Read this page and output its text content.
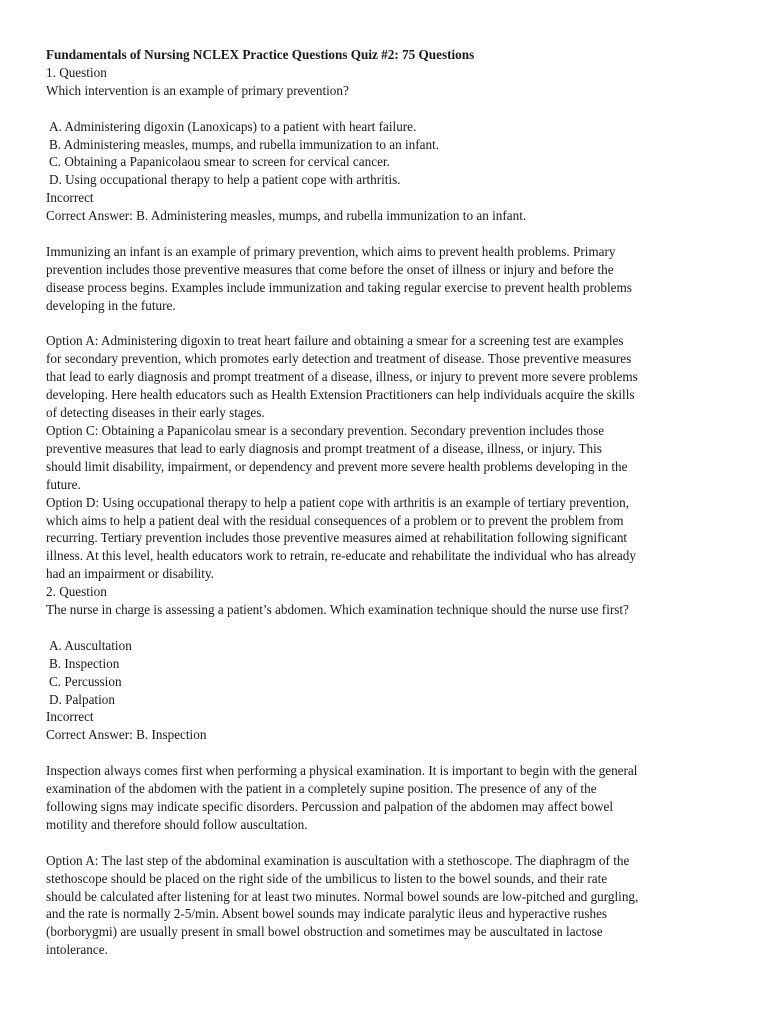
Fundamentals of Nursing NCLEX Practice Questions Quiz #2: 75 Questions
1. Question
Which intervention is an example of primary prevention?
A. Administering digoxin (Lanoxicaps) to a patient with heart failure.
B. Administering measles, mumps, and rubella immunization to an infant.
C. Obtaining a Papanicolaou smear to screen for cervical cancer.
D. Using occupational therapy to help a patient cope with arthritis.
Incorrect
Correct Answer: B. Administering measles, mumps, and rubella immunization to an infant.
Immunizing an infant is an example of primary prevention, which aims to prevent health problems. Primary
prevention includes those preventive measures that come before the onset of illness or injury and before the
disease process begins. Examples include immunization and taking regular exercise to prevent health problems
developing in the future.
Option A: Administering digoxin to treat heart failure and obtaining a smear for a screening test are examples
for secondary prevention, which promotes early detection and treatment of disease. Those preventive measures
that lead to early diagnosis and prompt treatment of a disease, illness, or injury to prevent more severe problems
developing. Here health educators such as Health Extension Practitioners can help individuals acquire the skills
of detecting diseases in their early stages.
Option C: Obtaining a Papanicolau smear is a secondary prevention. Secondary prevention includes those
preventive measures that lead to early diagnosis and prompt treatment of a disease, illness, or injury. This
should limit disability, impairment, or dependency and prevent more severe health problems developing in the
future.
Option D: Using occupational therapy to help a patient cope with arthritis is an example of tertiary prevention,
which aims to help a patient deal with the residual consequences of a problem or to prevent the problem from
recurring. Tertiary prevention includes those preventive measures aimed at rehabilitation following significant
illness. At this level, health educators work to retrain, re-educate and rehabilitate the individual who has already
had an impairment or disability.
2. Question
The nurse in charge is assessing a patient’s abdomen. Which examination technique should the nurse use first?
A. Auscultation
B. Inspection
C. Percussion
D. Palpation
Incorrect
Correct Answer: B. Inspection
Inspection always comes first when performing a physical examination. It is important to begin with the general
examination of the abdomen with the patient in a completely supine position. The presence of any of the
following signs may indicate specific disorders. Percussion and palpation of the abdomen may affect bowel
motility and therefore should follow auscultation.
Option A: The last step of the abdominal examination is auscultation with a stethoscope. The diaphragm of the
stethoscope should be placed on the right side of the umbilicus to listen to the bowel sounds, and their rate
should be calculated after listening for at least two minutes. Normal bowel sounds are low-pitched and gurgling,
and the rate is normally 2-5/min. Absent bowel sounds may indicate paralytic ileus and hyperactive rushes
(borborygmi) are usually present in small bowel obstruction and sometimes may be auscultated in lactose
intolerance.
